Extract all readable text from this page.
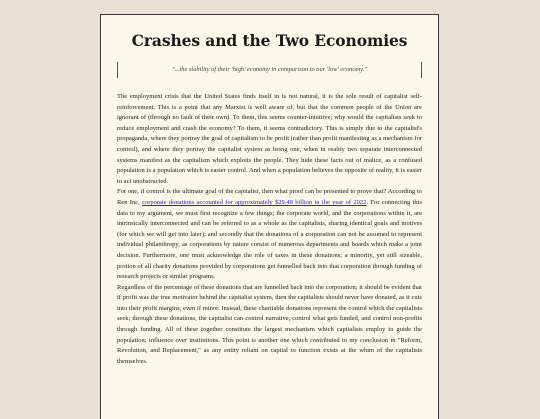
Crashes and the Two Economies
"...the stability of their 'high' economy in comparison to our 'low' economy."

The employment crisis that the United States finds itself in is not natural, it is the sole result of capitalist self-reinforcement. This is a point that any Marxist is well aware of, but that the common people of the Union are ignorant of (through no fault of their own). To them, this seems counter-intuitive; why would the capitalists seek to reduce employment and crash the economy? To them, it seems contradictory. This is simply due to the capitalist's propaganda, where they portray the goal of capitalism to be profit (rather than profit manifesting as a mechanism for control), and where they portray the capitalist system as being one, when in reality two separate interconnected systems manifest as the capitalism which exploits the people. They hide these facts out of malice, as a confused population is a population which is easier control. And when a population believes the opposite of reality, it is easier to act unobstructed.

For one, if control is the ultimate goal of the capitalist, then what proof can be presented to prove that? According to Ren Inc, corporate donations accounted for approximately $29.48 billion in the year of 2022. For connecting this data to my argument, we must first recognize a few things; the corporate world, and the corporations within it, are intrinsically interconnected and can be referred to as a whole as the capitalists, sharing identical goals and motives (for which we will get into later); and secondly that the donations of a corporation can not be assumed to represent individual philanthropy, as corporations by nature consist of numerous departments and boards which make a joint decision. Furthermore, one must acknowledge the role of taxes in these donations; a minority, yet still sizeable, portion of all charity donations provided by corporations get funnelled back into that corporation through funding of research projects or similar programs.

Regardless of the percentage of these donations that are funnelled back into the corporation; it should be evident that if profit was the true motivator behind the capitalist system, then the capitalists should never have donated, as it cuts into their profit margins, even if minor. Instead, these charitable donations represent the control which the capitalists seek; through these donations, the capitalist can control narrative, control what gets funded, and control non-profits through funding. All of these together constitute the largest mechanism which capitalists employ to guide the population; influence over institutions. This point is another one which contributed to my conclusion in "Reform, Revolution, and Replacement," as any entity reliant on capital to function exists at the whim of the capitalists themselves.
